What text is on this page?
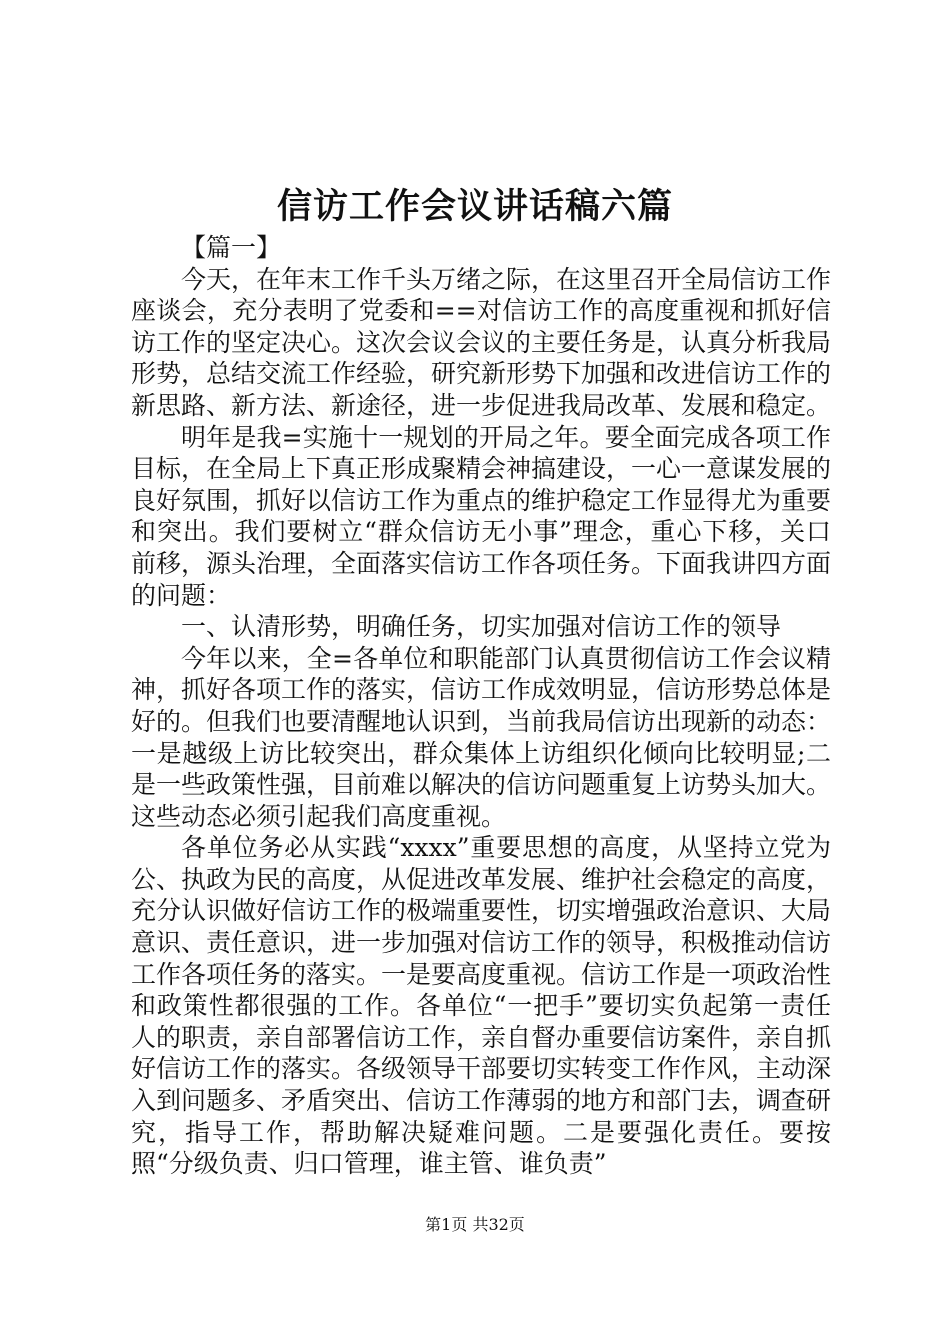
信访工作会议讲话稿六篇

【篇一】

今天，在年末工作千头万绪之际，在这里召开全局信访工作座谈会，充分表明了党委和==对信访工作的高度重视和抓好信访工作的坚定决心。这次会议会议的主要任务是，认真分析我局形势，总结交流工作经验，研究新形势下加强和改进信访工作的新思路、新方法、新途径，进一步促进我局改革、发展和稳定。

明年是我=实施十一规划的开局之年。要全面完成各项工作目标，在全局上下真正形成聚精会神搞建设，一心一意谋发展的良好氛围，抓好以信访工作为重点的维护稳定工作显得尤为重要和突出。我们要树立“群众信访无小事”理念，重心下移，关口前移，源头治理，全面落实信访工作各项任务。下面我讲四方面的问题：

一、认清形势，明确任务，切实加强对信访工作的领导

今年以来，全=各单位和职能部门认真贯彻信访工作会议精神，抓好各项工作的落实，信访工作成效明显，信访形势总体是好的。但我们也要清醒地认识到，当前我局信访出现新的动态：一是越级上访比较突出，群众集体上访组织化倾向比较明显;二是一些政策性强，目前难以解决的信访问题重复上访势头加大。这些动态必须引起我们高度重视。

各单位务必从实践“xxxx”重要思想的高度，从坚持立党为公、执政为民的高度，从促进改革发展、维护社会稳定的高度，充分认识做好信访工作的极端重要性，切实增强政治意识、大局意识、责任意识，进一步加强对信访工作的领导，积极推动信访工作各项任务的落实。一是要高度重视。信访工作是一项政治性和政策性都很强的工作。各单位“一把手”要切实负起第一责任人的职责，亲自部署信访工作，亲自督办重要信访案件，亲自抓好信访工作的落实。各级领导干部要切实转变工作作风，主动深入到问题多、矛盾突出、信访工作薄弱的地方和部门去，调查研究，指导工作，帮助解决疑难问题。二是要强化责任。要按照“分级负责、归口管理，谁主管、谁负责”

第1页 共32页
